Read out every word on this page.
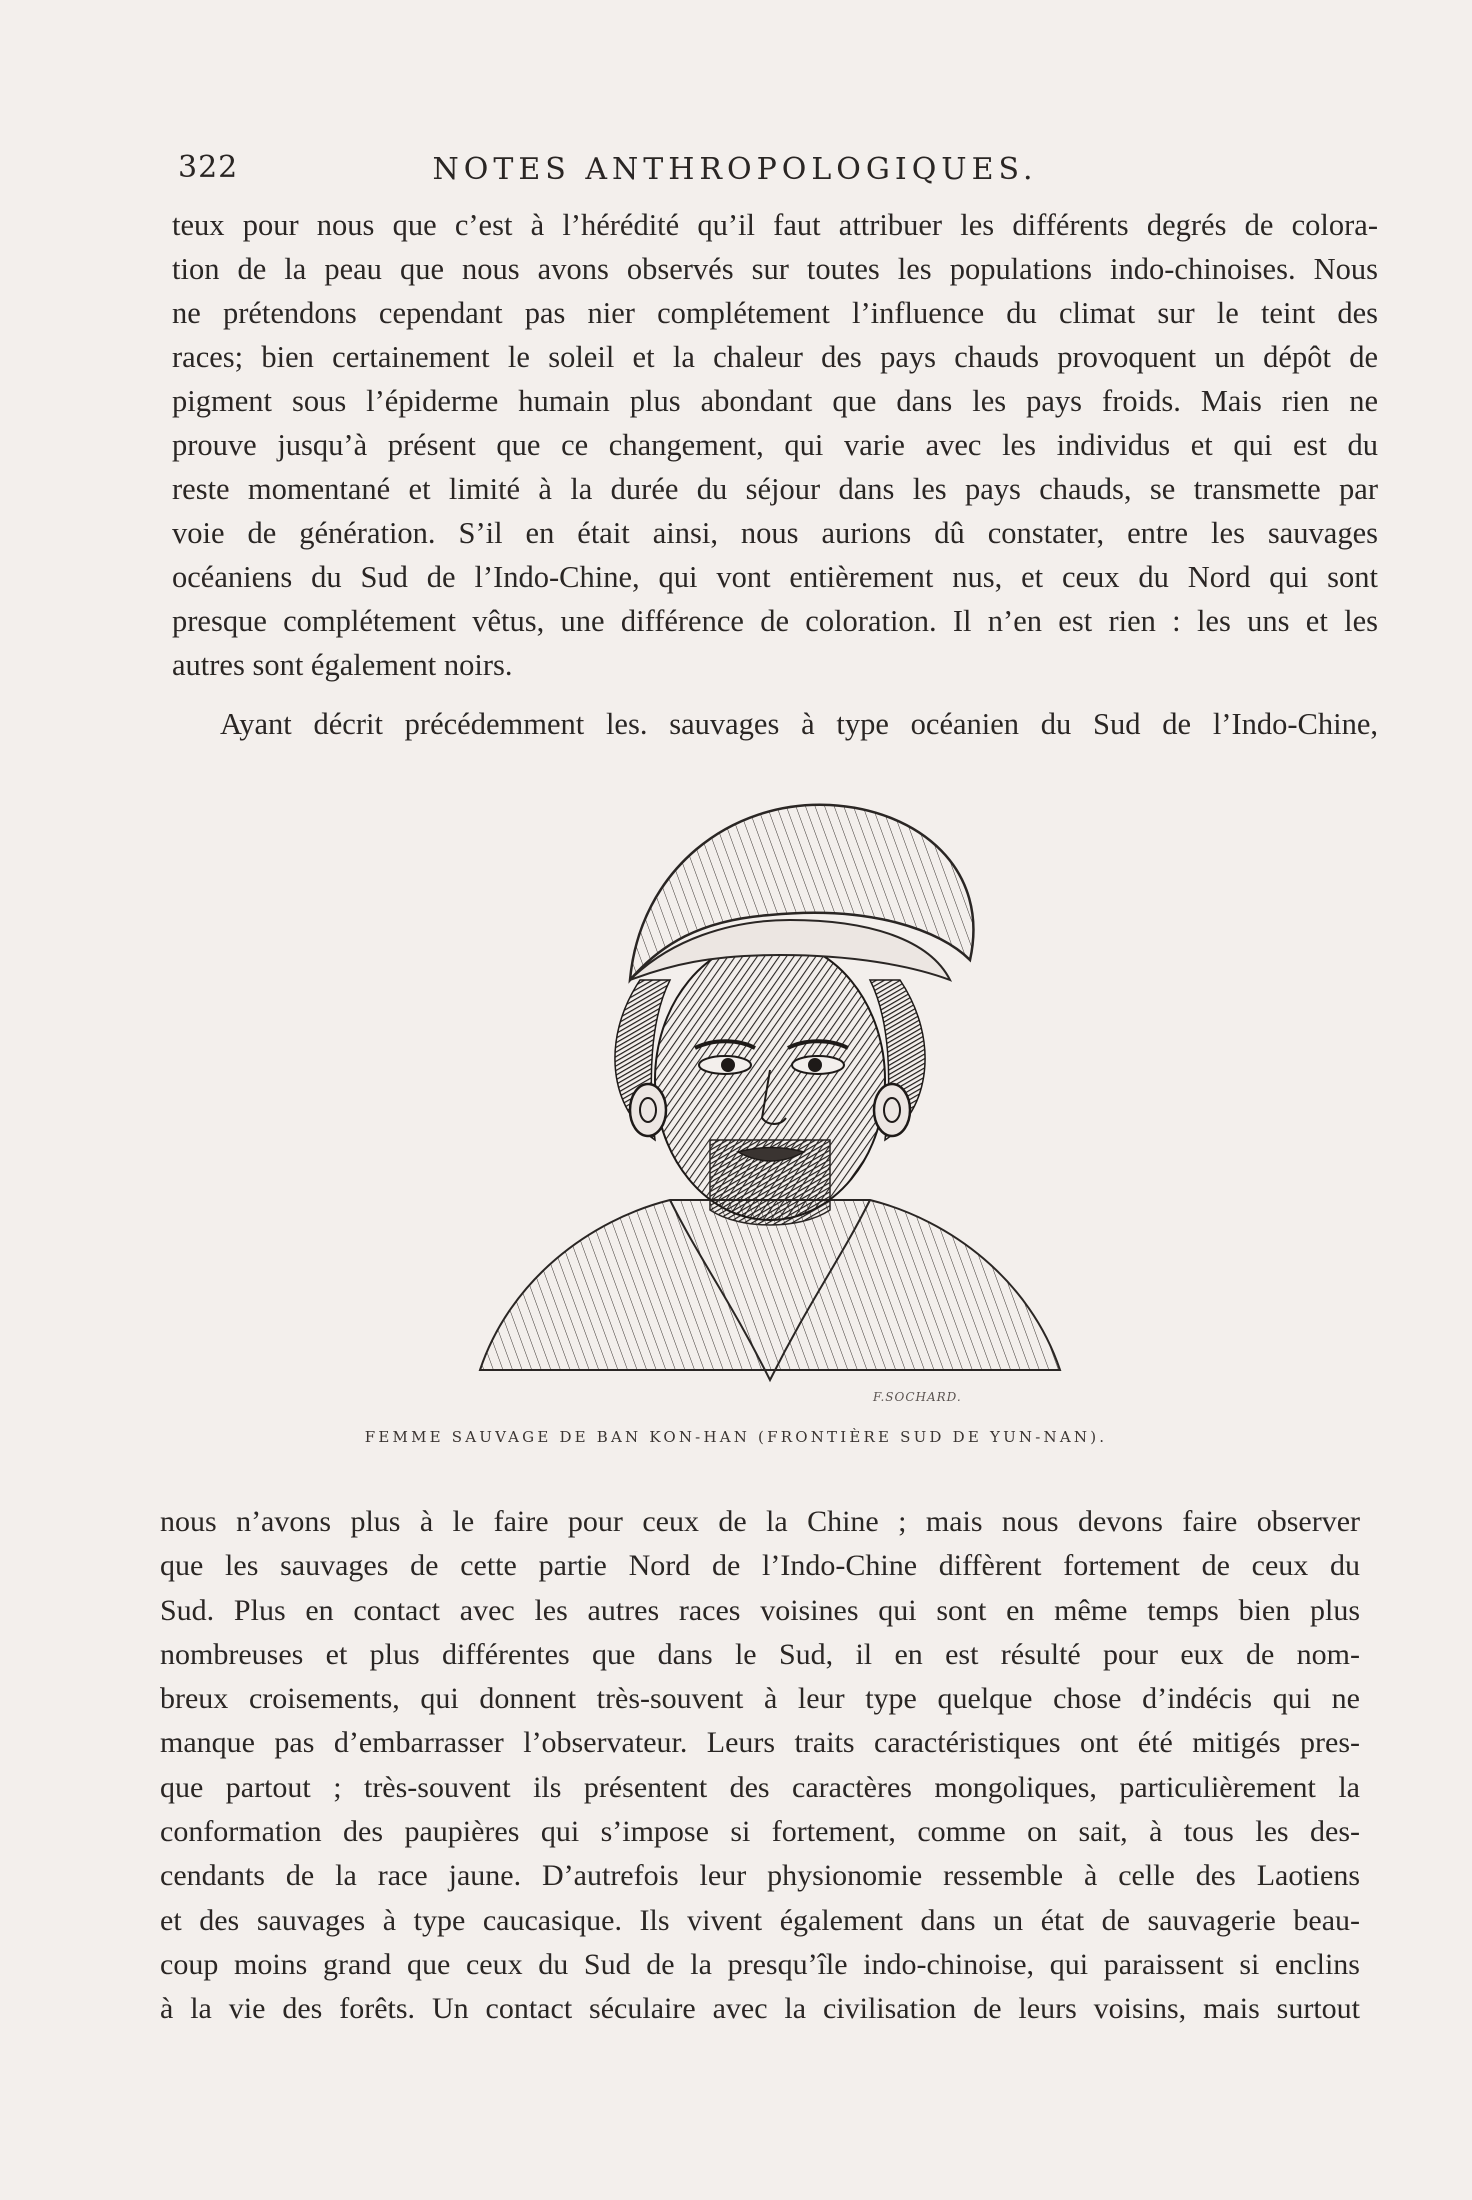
322	NOTES ANTHROPOLOGIQUES.

teux pour nous que c’est à l’hérédité qu’il faut attribuer les différents degrés de colora-
tion de la peau que nous avons observés sur toutes les populations indo-chinoises. Nous
ne prétendons cependant pas nier complétement l’influence du climat sur le teint des
races; bien certainement le soleil et la chaleur des pays chauds provoquent un dépôt de
pigment sous l’épiderme humain plus abondant que dans les pays froids. Mais rien ne
prouve jusqu’à présent que ce changement, qui varie avec les individus et qui est du
reste momentané et limité à la durée du séjour dans les pays chauds, se transmette par
voie de génération. S’il en était ainsi, nous aurions dû constater, entre les sauvages
océaniens du Sud de l’Indo-Chine, qui vont entièrement nus, et ceux du Nord qui sont
presque complétement vêtus, une différence de coloration. Il n’en est rien : les uns et les
autres sont également noirs.

Ayant décrit précédemment les. sauvages à type océanien du Sud de l’Indo-Chine,

F.SOCHARD.
FEMME SAUVAGE DE BAN KON-HAN (FRONTIÈRE SUD DE YUN-NAN).

nous n’avons plus à le faire pour ceux de la Chine ; mais nous devons faire observer
que les sauvages de cette partie Nord de l’Indo-Chine diffèrent fortement de ceux du
Sud. Plus en contact avec les autres races voisines qui sont en même temps bien plus
nombreuses et plus différentes que dans le Sud, il en est résulté pour eux de nom-
breux croisements, qui donnent très-souvent à leur type quelque chose d’indécis qui ne
manque pas d’embarrasser l’observateur. Leurs traits caractéristiques ont été mitigés pres-
que partout ; très-souvent ils présentent des caractères mongoliques, particulièrement la
conformation des paupières qui s’impose si fortement, comme on sait, à tous les des-
cendants de la race jaune. D’autrefois leur physionomie ressemble à celle des Laotiens
et des sauvages à type caucasique. Ils vivent également dans un état de sauvagerie beau-
coup moins grand que ceux du Sud de la presqu’île indo-chinoise, qui paraissent si enclins
à la vie des forêts. Un contact séculaire avec la civilisation de leurs voisins, mais surtout
